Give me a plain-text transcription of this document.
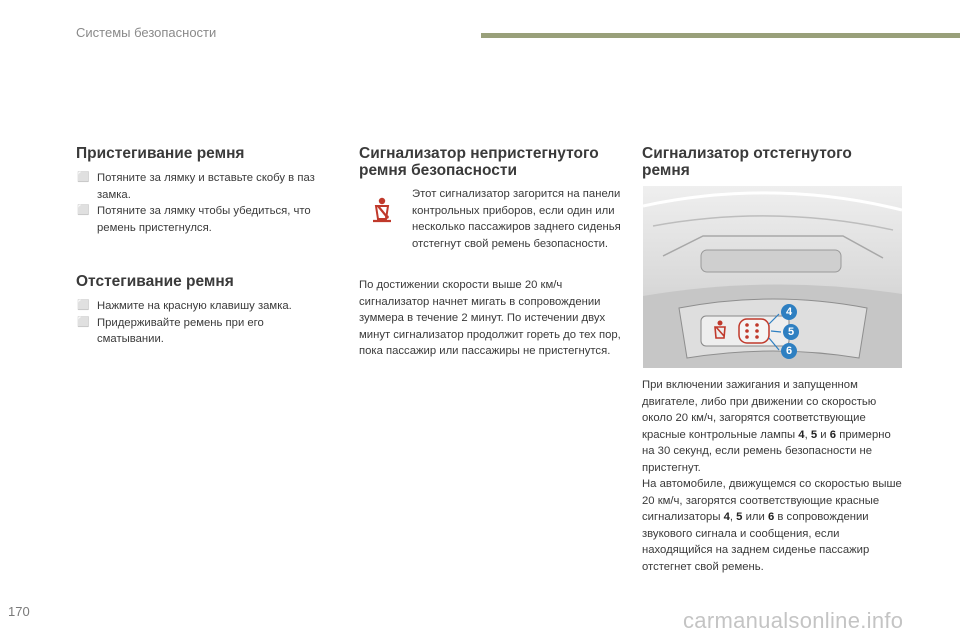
Системы безопасности
Пристегивание ремня
⬜ Потяните за лямку и вставьте скобу в паз замка.
⬜ Потяните за лямку чтобы убедиться, что ремень пристегнулся.
Отстегивание ремня
⬜ Нажмите на красную клавишу замка.
⬜ Придерживайте ремень при его сматывании.
Сигнализатор непристегнутого ремня безопасности
Этот сигнализатор загорится на панели контрольных приборов, если один или несколько пассажиров заднего сиденья отстегнут свой ремень безопасности.
По достижении скорости выше 20 км/ч сигнализатор начнет мигать в сопровождении зуммера в течение 2 минут. По истечении двух минут сигнализатор продолжит гореть до тех пор, пока пассажир или пассажиры не пристегнутся.
Сигнализатор отстегнутого ремня
4
5
6

При включении зажигания и запущенном двигателе, либо при движении со скоростью около 20 км/ч, загорятся соответствующие красные контрольные лампы 4, 5 и 6 примерно на 30 секунд, если ремень безопасности не пристегнут.

На автомобиле, движущемся со скоростью выше 20 км/ч, загорятся соответствующие красные сигнализаторы 4, 5 или 6 в сопровождении звукового сигнала и сообщения, если находящийся на заднем сиденье пассажир отстегнет свой ремень.

170	carmanualsonline.info
